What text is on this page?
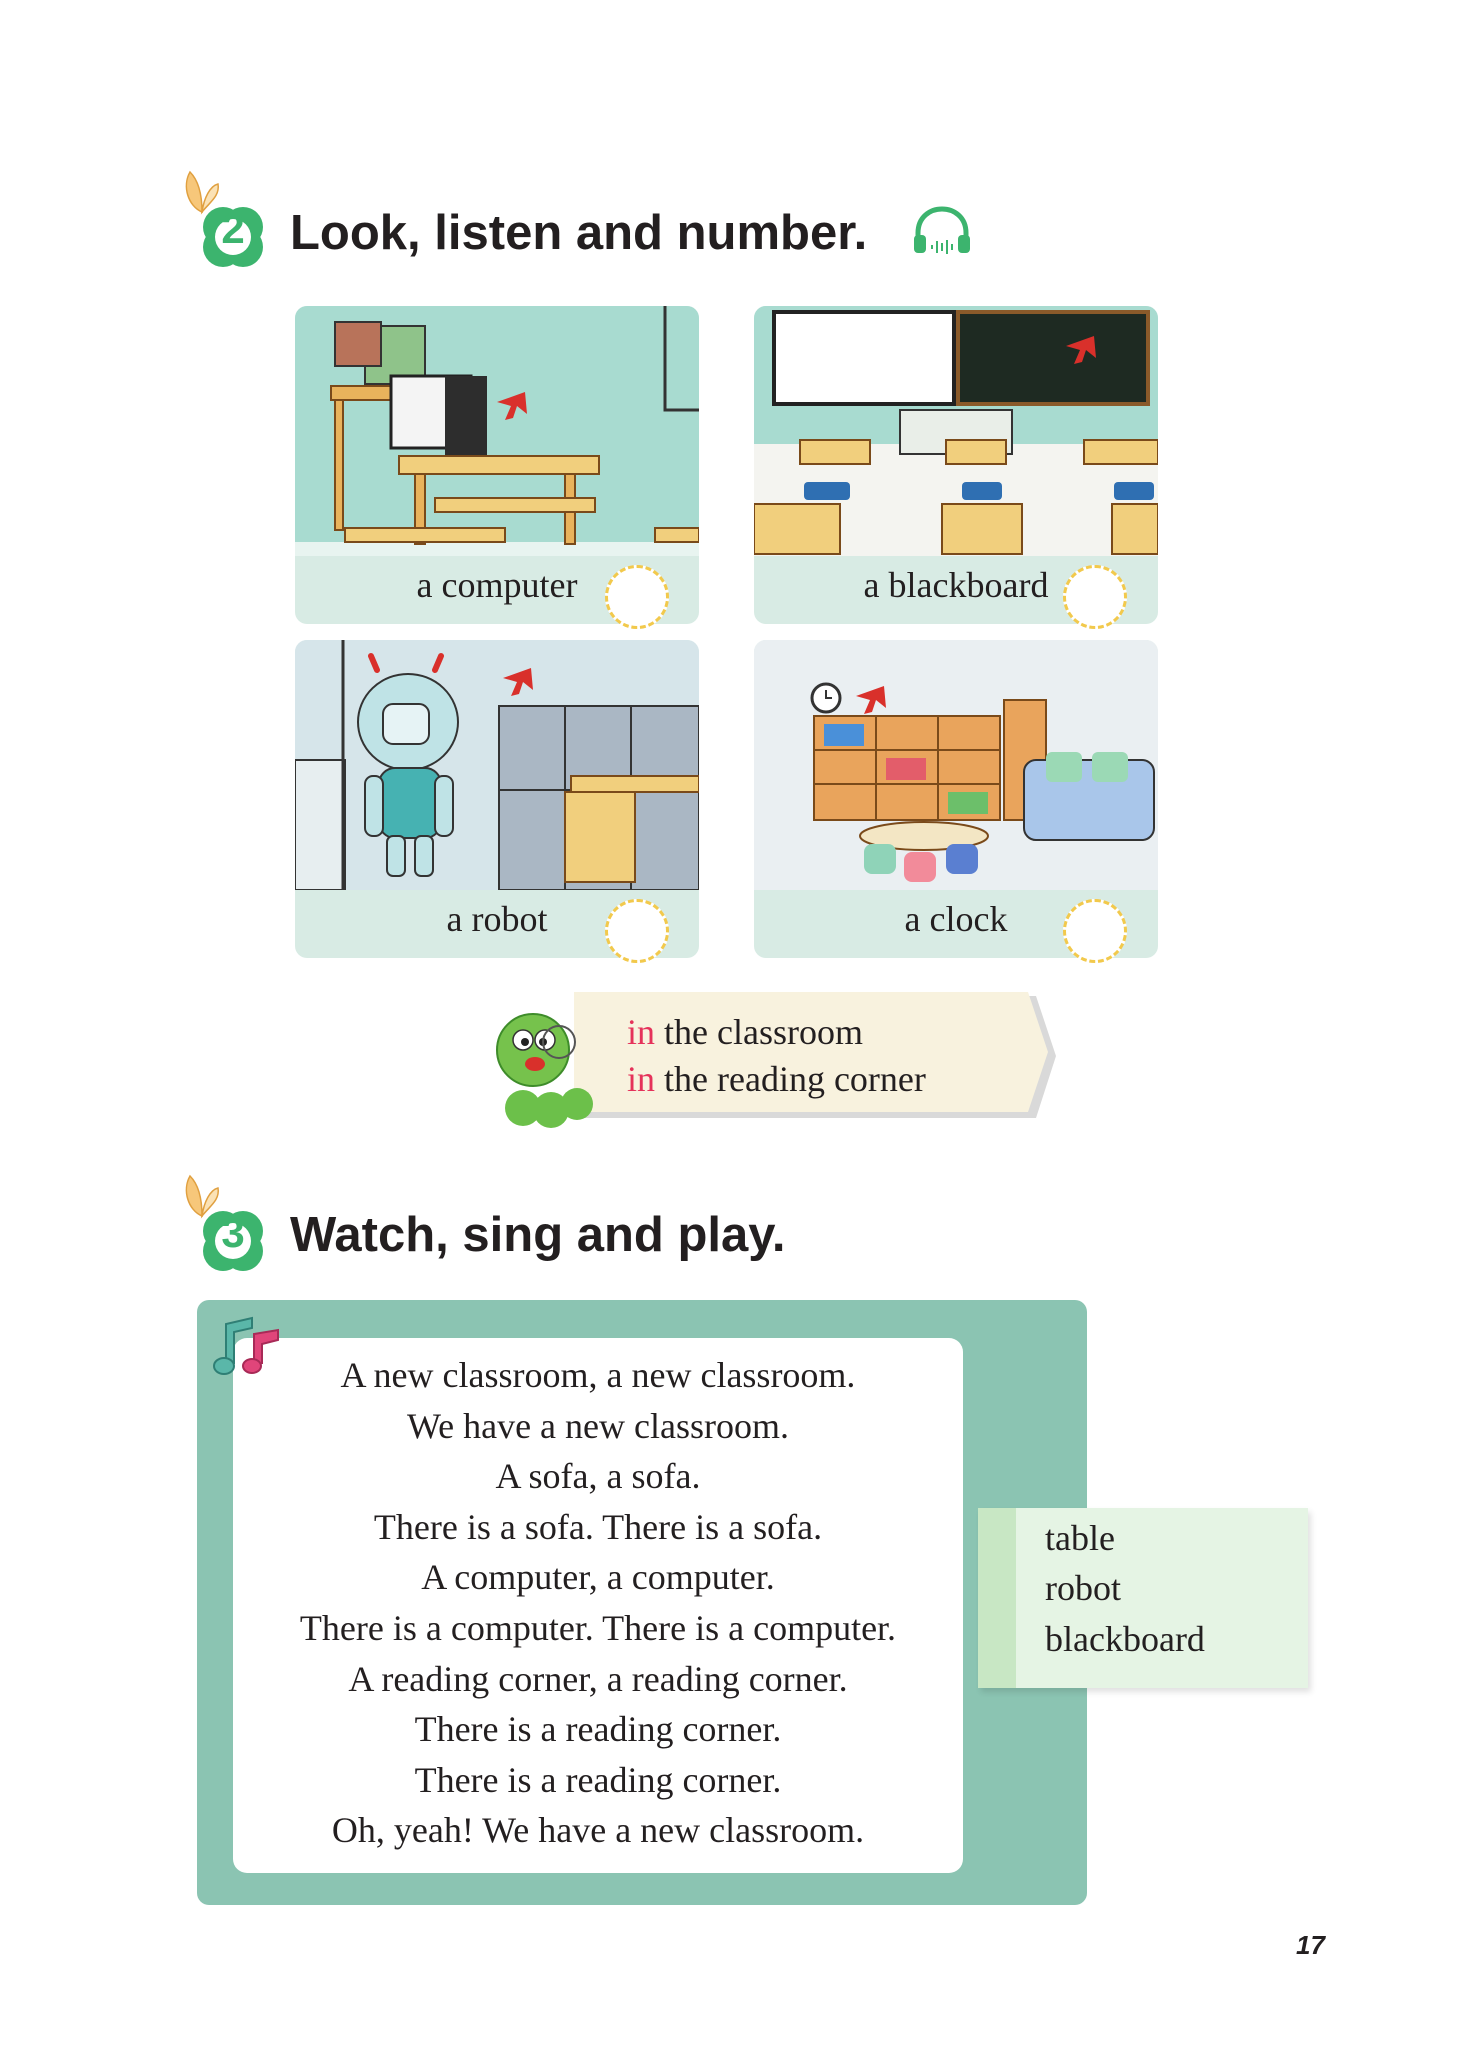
2 Look, listen and number.
a computer	a blackboard
a robot	a clock
in the classroom
in the reading corner
3 Watch, sing and play.
A new classroom, a new classroom.
We have a new classroom.
A sofa, a sofa.
There is a sofa. There is a sofa.
A computer, a computer.
There is a computer. There is a computer.
A reading corner, a reading corner.
There is a reading corner.
There is a reading corner.
Oh, yeah! We have a new classroom.
table
robot
blackboard
17
